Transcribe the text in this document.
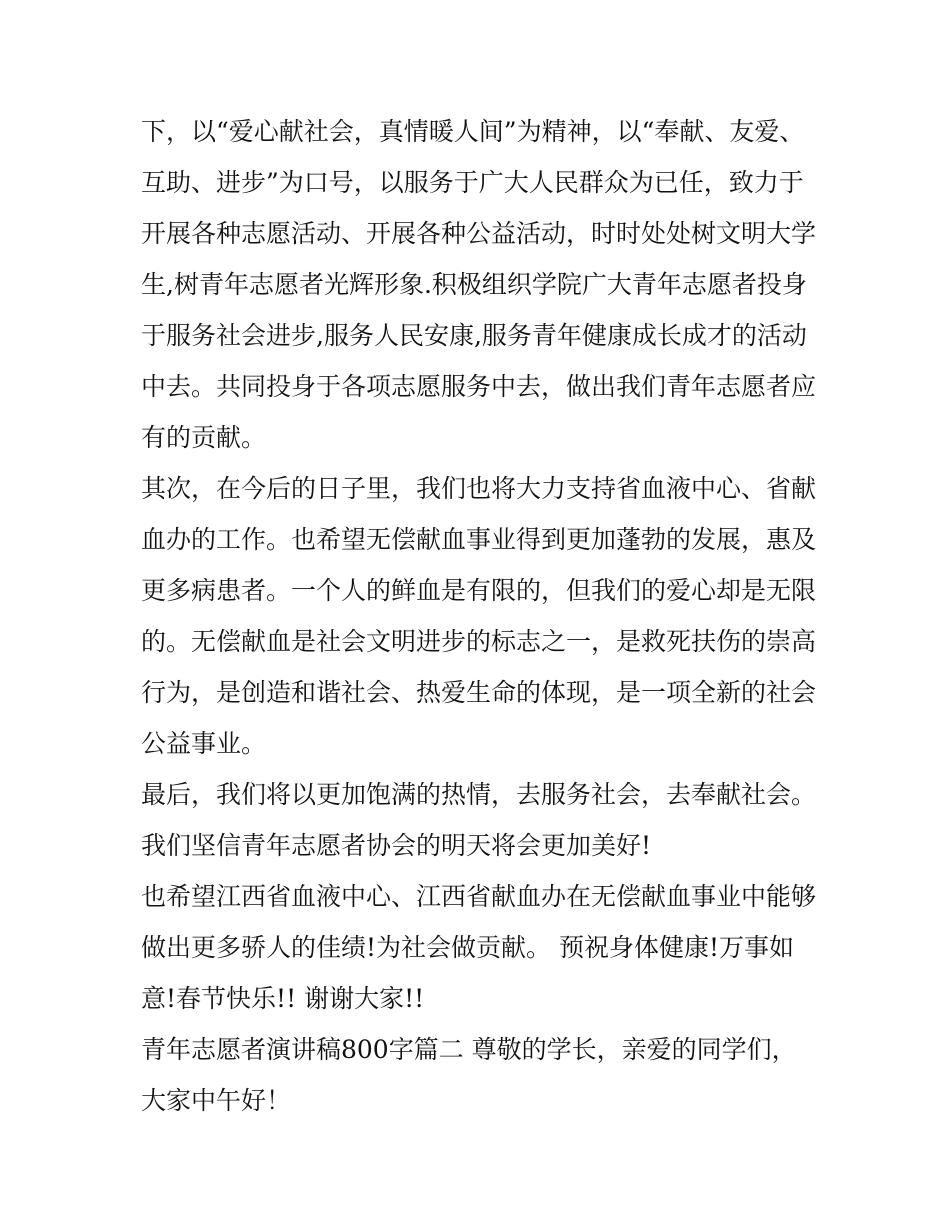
下，以“爱心献社会，真情暖人间”为精神，以“奉献、友爱、
互助、进步”为口号，以服务于广大人民群众为已任，致力于
开展各种志愿活动、开展各种公益活动，时时处处树文明大学
生,树青年志愿者光辉形象.积极组织学院广大青年志愿者投身
于服务社会进步,服务人民安康,服务青年健康成长成才的活动
中去。共同投身于各项志愿服务中去，做出我们青年志愿者应
有的贡献。
其次，在今后的日子里，我们也将大力支持省血液中心、省献
血办的工作。也希望无偿献血事业得到更加蓬勃的发展，惠及
更多病患者。一个人的鲜血是有限的，但我们的爱心却是无限
的。无偿献血是社会文明进步的标志之一，是救死扶伤的崇高
行为，是创造和谐社会、热爱生命的体现，是一项全新的社会
公益事业。
最后，我们将以更加饱满的热情，去服务社会，去奉献社会。
我们坚信青年志愿者协会的明天将会更加美好!
也希望江西省血液中心、江西省献血办在无偿献血事业中能够
做出更多骄人的佳绩!为社会做贡献。 预祝身体健康!万事如
意!春节快乐!! 谢谢大家!!
青年志愿者演讲稿800字篇二 尊敬的学长，亲爱的同学们，
大家中午好！
